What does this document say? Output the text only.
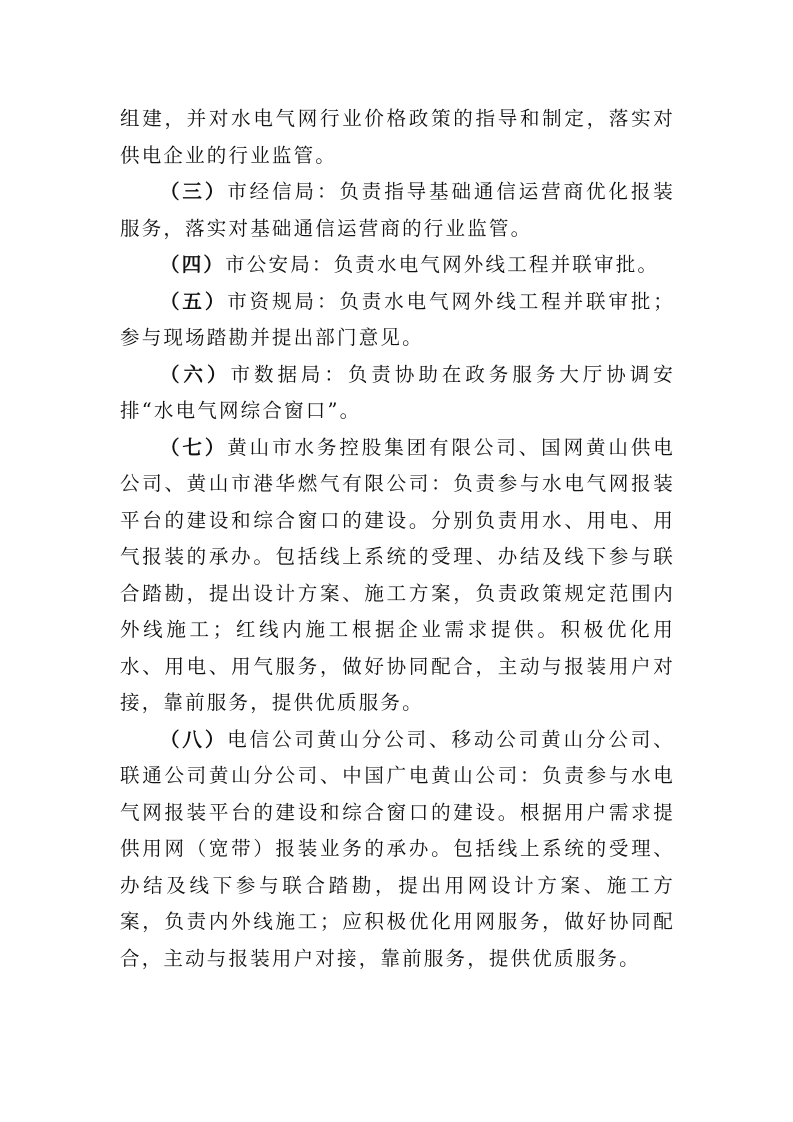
组建，并对水电气网行业价格政策的指导和制定，落实对供电企业的行业监管。

（三）市经信局：负责指导基础通信运营商优化报装服务，落实对基础通信运营商的行业监管。

（四）市公安局：负责水电气网外线工程并联审批。

（五）市资规局：负责水电气网外线工程并联审批；参与现场踏勘并提出部门意见。

（六）市数据局：负责协助在政务服务大厅协调安排“水电气网综合窗口”。

（七）黄山市水务控股集团有限公司、国网黄山供电公司、黄山市港华燃气有限公司：负责参与水电气网报装平台的建设和综合窗口的建设。分别负责用水、用电、用气报装的承办。包括线上系统的受理、办结及线下参与联合踏勘，提出设计方案、施工方案，负责政策规定范围内外线施工；红线内施工根据企业需求提供。积极优化用水、用电、用气服务，做好协同配合，主动与报装用户对接，靠前服务，提供优质服务。

（八）电信公司黄山分公司、移动公司黄山分公司、联通公司黄山分公司、中国广电黄山公司：负责参与水电气网报装平台的建设和综合窗口的建设。根据用户需求提供用网（宽带）报装业务的承办。包括线上系统的受理、办结及线下参与联合踏勘，提出用网设计方案、施工方案，负责内外线施工；应积极优化用网服务，做好协同配合，主动与报装用户对接，靠前服务，提供优质服务。
